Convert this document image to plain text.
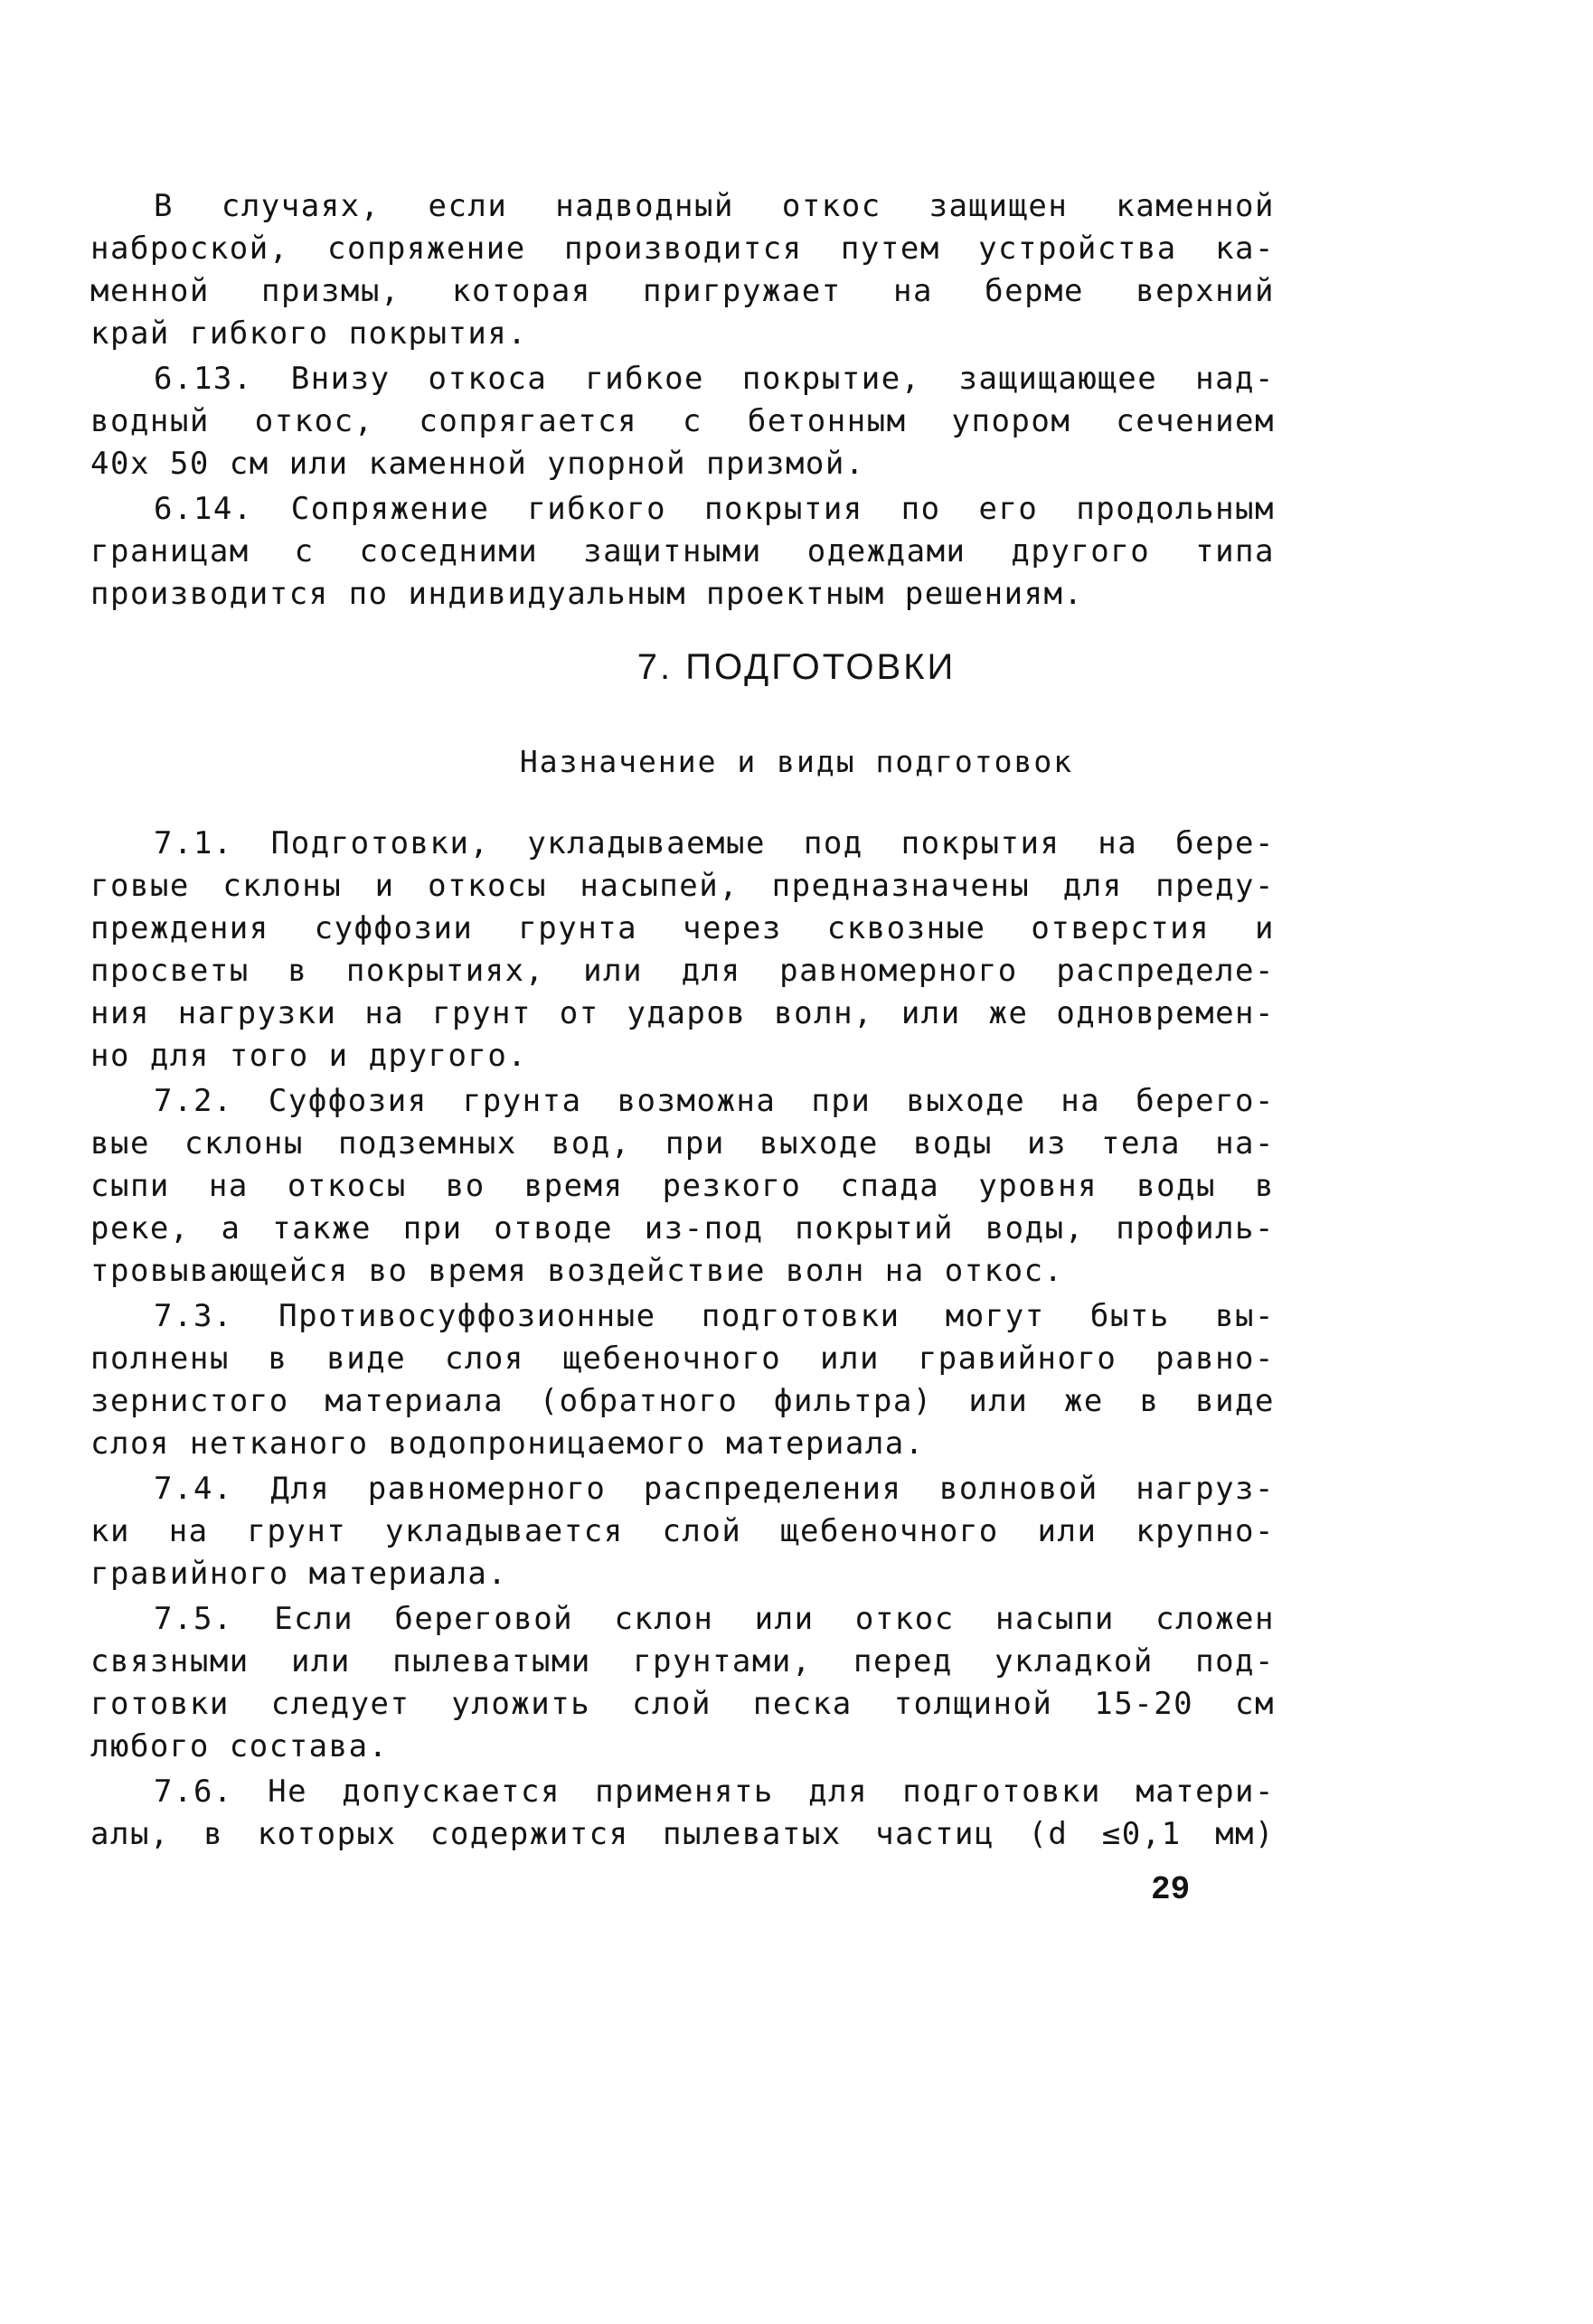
В случаях, если надводный откос защищен каменной

наброской, сопряжение производится путем устройства ка-

менной призмы, которая пригружает на берме верхний

край гибкого покрытия.

6.13. Внизу откоса гибкое покрытие, защищающее над-

водный откос, сопрягается с бетонным упором сечением

40х 50 см или каменной упорной призмой.

6.14. Сопряжение гибкого покрытия по его продольным

границам с соседними защитными одеждами другого типа

производится по индивидуальным проектным решениям.

7. ПОДГОТОВКИ
Назначение и виды подготовок

7.1. Подготовки, укладываемые под покрытия на бере-

говые склоны и откосы насыпей, предназначены для преду-

преждения суффозии грунта через сквозные отверстия и

просветы в покрытиях, или для равномерного распределе-

ния нагрузки на грунт от ударов волн, или же одновремен-

но для того и другого.

7.2. Суффозия грунта возможна при выходе на берего-

вые склоны подземных вод, при выходе воды из тела на-

сыпи на откосы во время резкого спада уровня воды в

реке, а также при отводе из-под покрытий воды, профиль-

тровывающейся во время воздействие волн на откос.

7.3. Противосуффозионные подготовки могут быть вы-

полнены в виде слоя щебеночного или гравийного равно-

зернистого материала (обратного фильтра) или же в виде

слоя нетканого водопроницаемого материала.

7.4. Для равномерного распределения волновой нагруз-

ки на грунт укладывается слой щебеночного или крупно-

гравийного материала.

7.5. Если береговой склон или откос насыпи сложен

связными или пылеватыми грунтами, перед укладкой под-

готовки следует уложить слой песка толщиной 15-20 см

любого состава.

7.6. Не допускается применять для подготовки матери-

алы, в которых содержится пылеватых частиц (d ≤0,1 мм)

29
